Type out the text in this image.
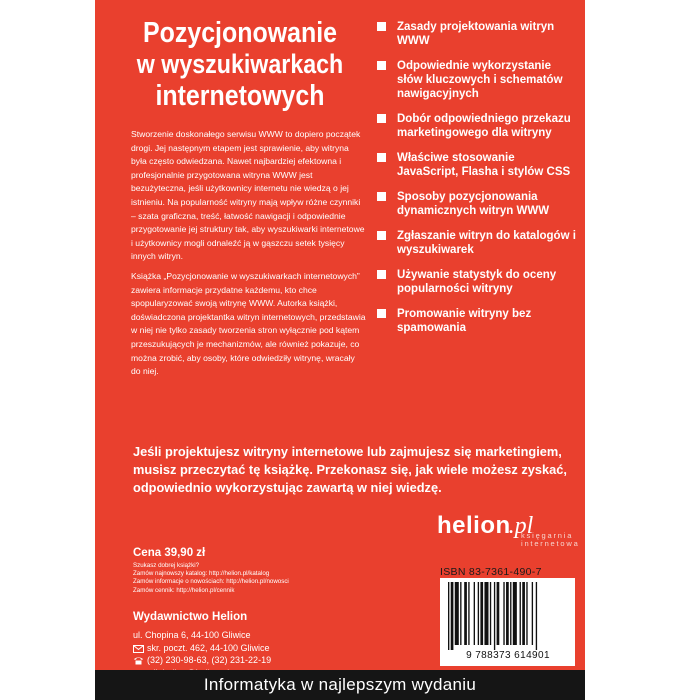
Pozycjonowanie
w wyszukiwarkach
internetowych

Stworzenie doskonałego serwisu WWW to dopiero początek drogi. Jej następnym etapem jest sprawienie, aby witryna była często odwiedzana. Nawet najbardziej efektowna i profesjonalnie przygotowana witryna WWW jest bezużyteczna, jeśli użytkownicy internetu nie wiedzą o jej istnieniu. Na popularność witryny mają wpływ różne czynniki – szata graficzna, treść, łatwość nawigacji i odpowiednie przygotowanie jej struktury tak, aby wyszukiwarki internetowe i użytkownicy mogli odnaleźć ją w gąszczu setek tysięcy innych witryn.

Książka „Pozycjonowanie w wyszukiwarkach internetowych” zawiera informacje przydatne każdemu, kto chce spopularyzować swoją witrynę WWW. Autorka książki, doświadczona projektantka witryn internetowych, przedstawia w niej nie tylko zasady tworzenia stron wyłącznie pod kątem przeszukujących je mechanizmów, ale również pokazuje, co można zrobić, aby osoby, które odwiedziły witrynę, wracały do niej.

Zasady projektowania witryn WWW
Odpowiednie wykorzystanie słów kluczowych i schematów nawigacyjnych
Dobór odpowiedniego przekazu marketingowego dla witryny
Właściwe stosowanie JavaScript, Flasha i stylów CSS
Sposoby pozycjonowania dynamicznych witryn WWW
Zgłaszanie witryn do katalogów i wyszukiwarek
Używanie statystyk do oceny popularności witryny
Promowanie witryny bez spamowania
Jeśli projektujesz witryny internetowe lub zajmujesz się marketingiem, musisz przeczytać tę książkę. Przekonasz się, jak wiele możesz zyskać, odpowiednio wykorzystując zawartą w niej wiedzę.
helion.pl
księgarnia
internetowa
Cena 39,90 zł
Szukasz dobrej książki?
Zamów najnowszy katalog: http://helion.pl/katalog
Zamów informacje o nowościach: http://helion.pl/nowosci
Zamów cennik: http://helion.pl/cennik
ISBN 83-7361-490-7
Wydawnictwo Helion
ul. Chopina 6, 44-100 Gliwice
skr. poczt. 462, 44-100 Gliwice
(32) 230-98-63, (32) 231-22-19	9 788373 614901
Informatyka w najlepszym wydaniu
